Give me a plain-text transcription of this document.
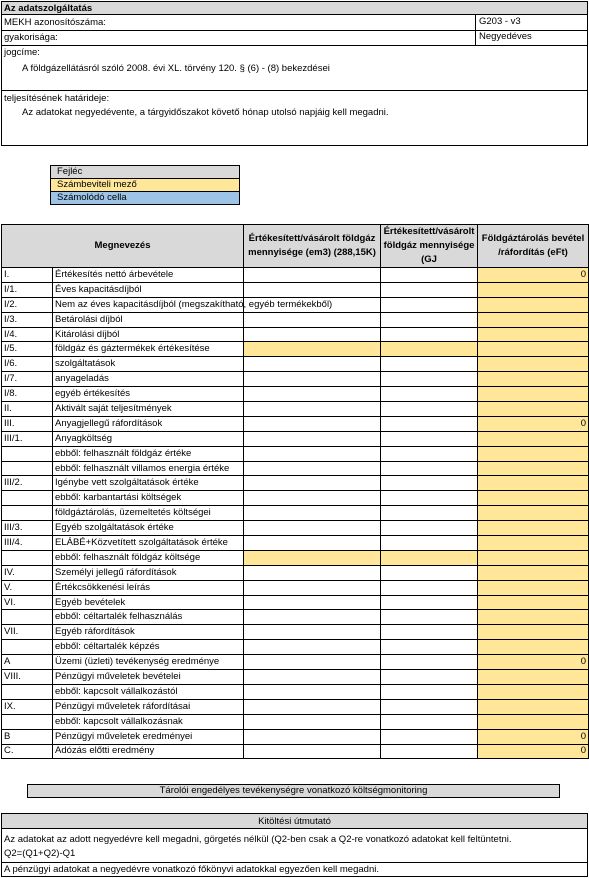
Az adatszolgáltatás
MEKH azonosítószáma:	G203 - v3
gyakorisága:	Negyedéves
jogcíme:
A földgázellátásról szóló 2008. évi XL. törvény 120. § (6) - (8) bekezdései
teljesítésének határideje:
Az adatokat negyedévente, a tárgyidőszakot követő hónap utolsó napjáig kell megadni.
Fejléc
Számbeviteli mező
Számolódó cella
Megnevezés		Értékesített/vásárolt földgáz mennyisége (em3) (288,15K)	Értékesített/vásárolt földgáz mennyisége (GJ	Földgáztárolás bevétel /ráfordítás (eFt)
I.	Értékesítés nettó árbevétele			0
I/1.	Éves kapacitásdíjból			
I/2.	Nem az éves kapacitásdíjból (megszakítható, egyéb termékekből)			
I/3.	Betárolási díjból			
I/4.	Kitárolási díjból			
I/5.	földgáz és gáztermékek értékesítése			
I/6.	szolgáltatások			
I/7.	anyageladás			
I/8.	egyéb értékesítés			
II.	Aktivált saját teljesítmények			
III.	Anyagjellegű ráfordítások			0
III/1.	Anyagköltség			
	ebből: felhasznált földgáz értéke			
	ebből: felhasznált villamos energia értéke			
III/2.	Igénybe vett szolgáltatások értéke			
	ebből: karbantartási költségek			
	földgáztárolás, üzemeltetés költségei			
III/3.	Egyéb szolgáltatások értéke			
III/4.	ELÁBÉ+Közvetített szolgáltatások értéke			
	ebből: felhasznált földgáz költsége			
IV.	Személyi jellegű ráfordítások			
V.	Értékcsökkenési leírás			
VI.	Egyéb bevételek			
	ebből: céltartalék felhasználás			
VII.	Egyéb ráfordítások			
	ebből: céltartalék képzés			
A	Üzemi (üzleti) tevékenység eredménye			0
VIII.	Pénzügyi műveletek bevételei			
	ebből: kapcsolt vállalkozástól			
IX.	Pénzügyi műveletek ráfordításai			
	ebből: kapcsolt vállalkozásnak			
B	Pénzügyi műveletek eredményei			0
C.	Adózás előtti eredmény			0
Tárolói engedélyes tevékenységre vonatkozó költségmonitoring
Kitöltési útmutató
Az adatokat az adott negyedévre kell megadni, görgetés nélkül (Q2-ben csak a Q2-re vonatkozó adatokat kell feltüntetni.
Q2=(Q1+Q2)-Q1
A pénzügyi adatokat a negyedévre vonatkozó főkönyvi adatokkal egyezően kell megadni.
